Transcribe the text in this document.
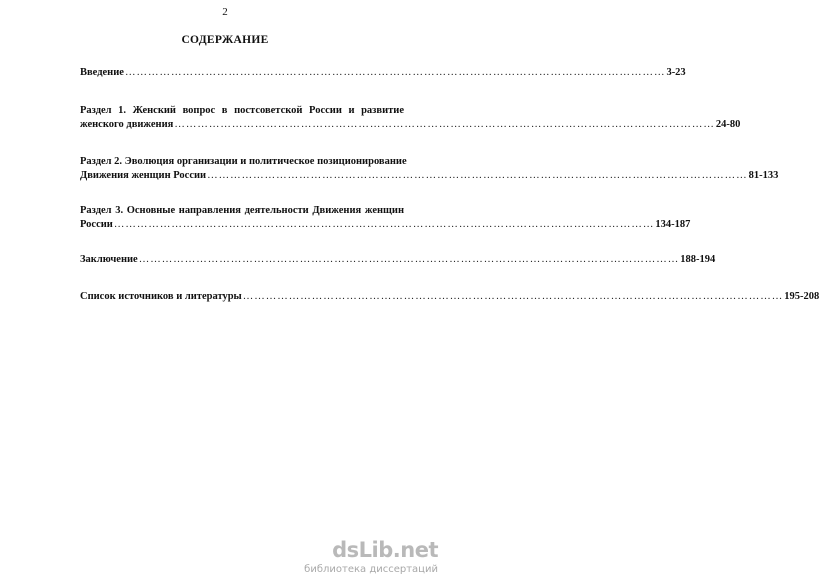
2
СОДЕРЖАНИЕ
Введение …………………………………………………………………………………………………………………………… 3-23
Раздел 1. Женский вопрос в постсоветской России и развитие
женского движения …………………………………………………………………………………………………………………………… 24-80
Раздел 2. Эволюция организации и политическое позиционирование
Движения женщин России …………………………………………………………………………………………………………………………… 81-133
Раздел 3. Основные направления деятельности Движения женщин
России …………………………………………………………………………………………………………………………… 134-187
Заключение …………………………………………………………………………………………………………………………… 188-194
Список источников и литературы …………………………………………………………………………………………………………………………… 195-208
dsLib.net
библиотека диссертаций
